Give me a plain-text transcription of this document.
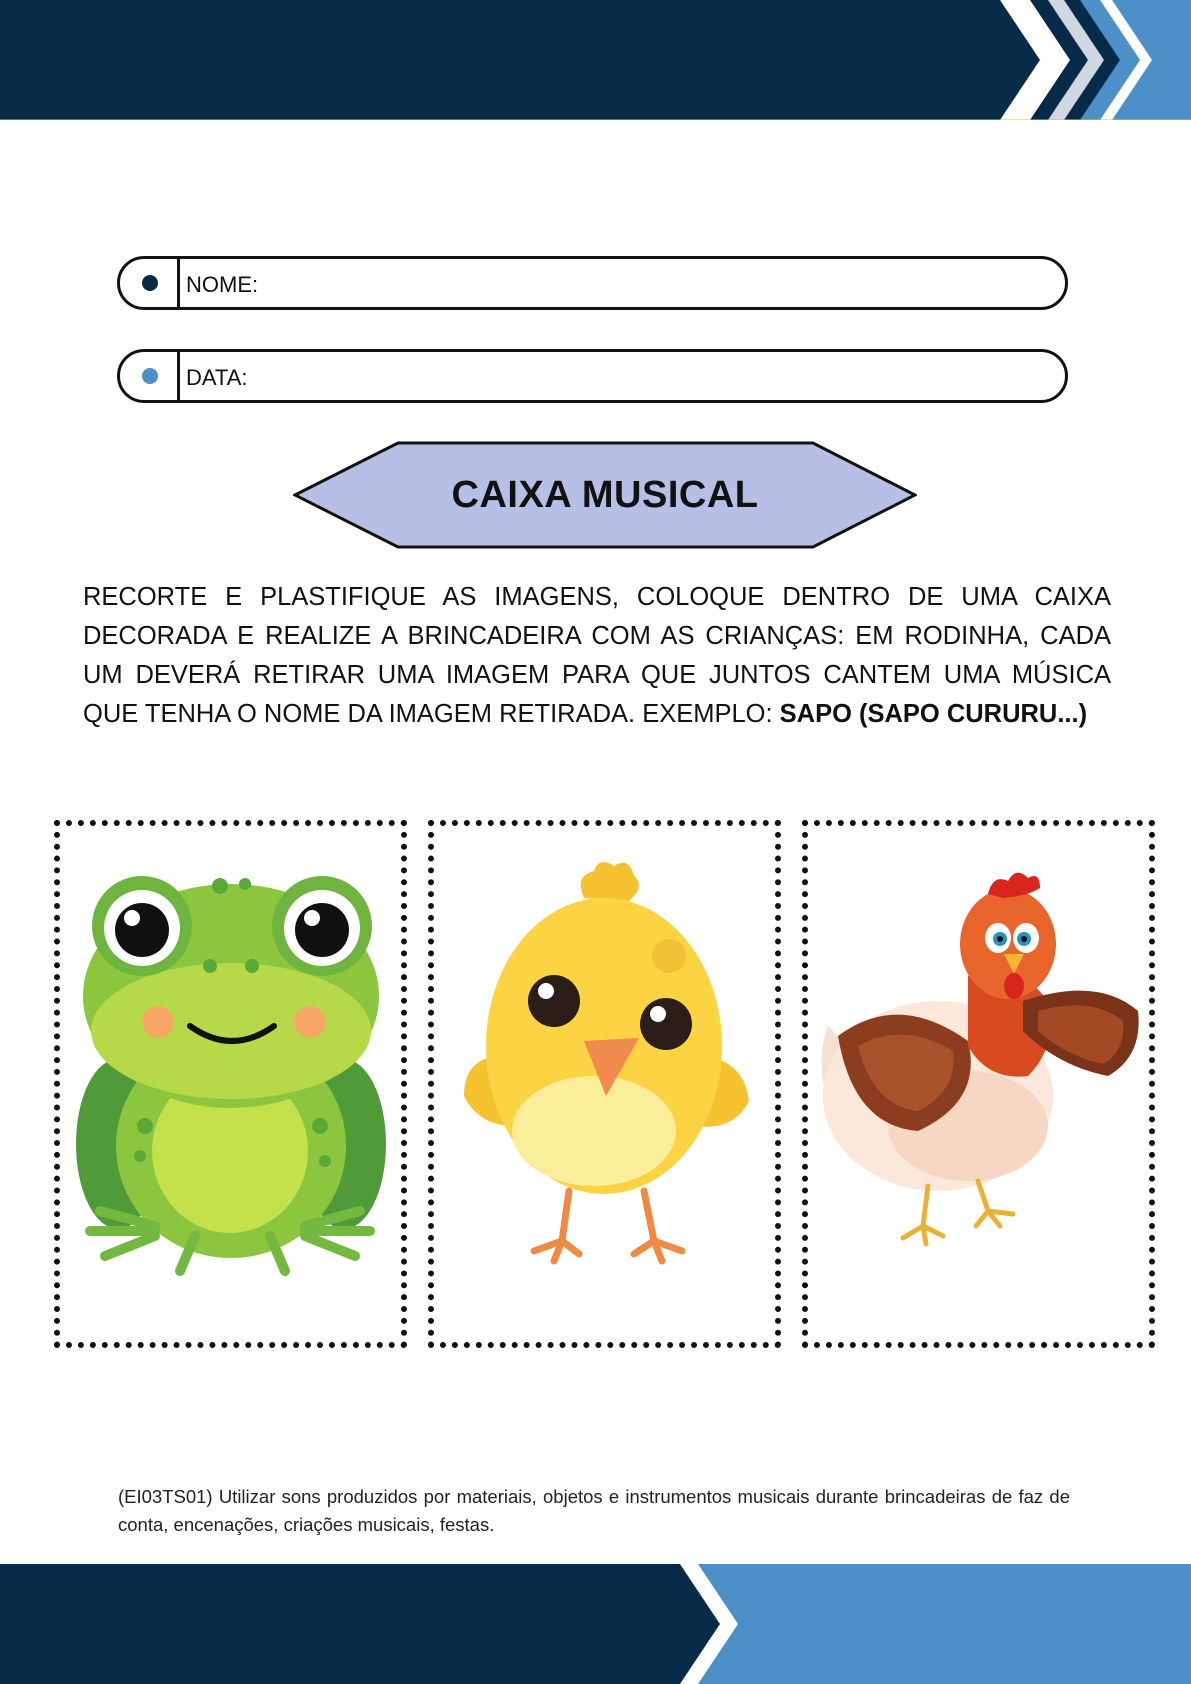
NOME:
DATA:
CAIXA MUSICAL
RECORTE E PLASTIFIQUE AS IMAGENS, COLOQUE DENTRO DE UMA CAIXA DECORADA E REALIZE A BRINCADEIRA COM AS CRIANÇAS: EM RODINHA, CADA UM DEVERÁ RETIRAR UMA IMAGEM PARA QUE JUNTOS CANTEM UMA MÚSICA QUE TENHA O NOME DA IMAGEM RETIRADA. EXEMPLO: SAPO (SAPO CURURU...)
(EI03TS01) Utilizar sons produzidos por materiais, objetos e instrumentos musicais durante brincadeiras de faz de conta, encenações, criações musicais, festas.
